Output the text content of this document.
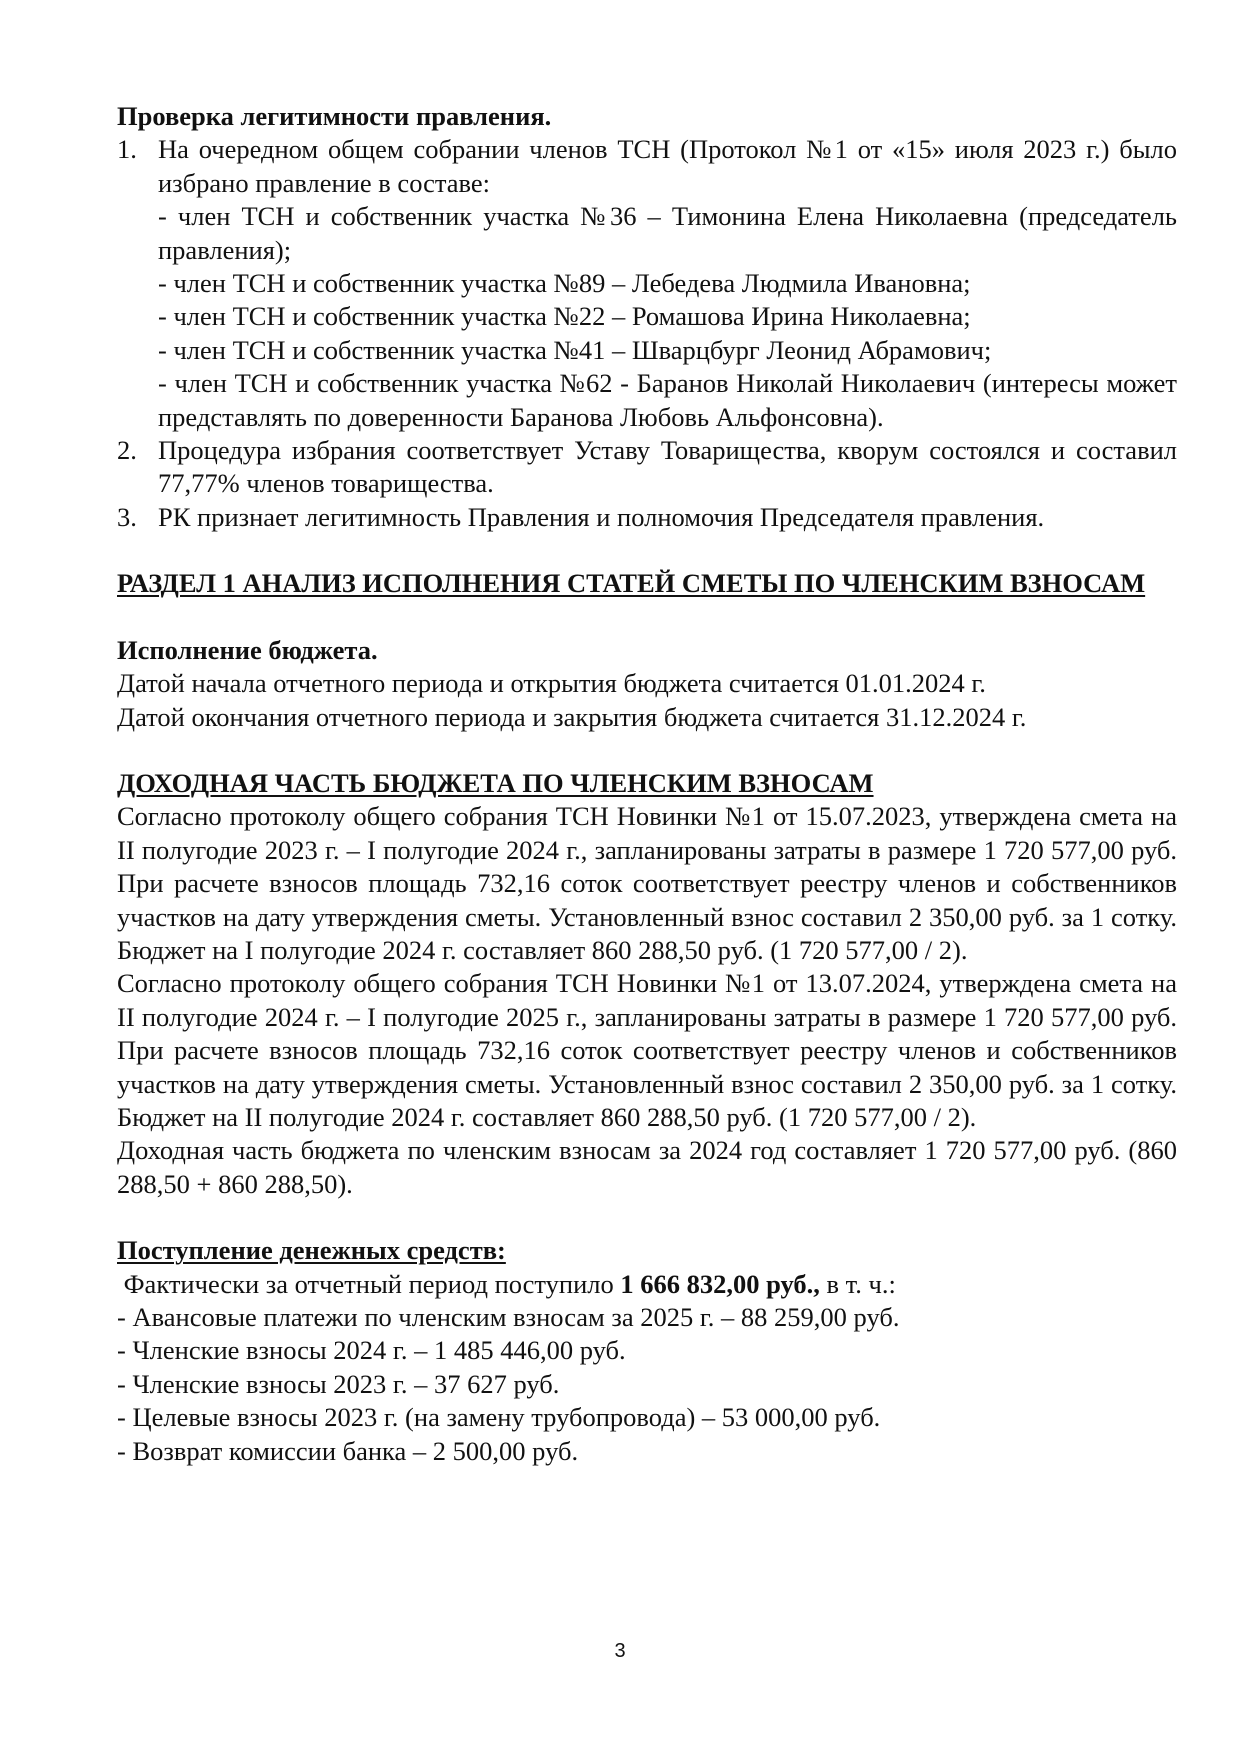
Проверка легитимности правления.

1. На очередном общем собрании членов ТСН (Протокол №1 от «15» июля 2023 г.) было избрано правление в составе:

- член ТСН и собственник участка №36 – Тимонина Елена Николаевна (председатель правления);

- член ТСН и собственник участка №89 – Лебедева Людмила Ивановна;

- член ТСН и собственник участка №22 – Ромашова Ирина Николаевна;

- член ТСН и собственник участка №41 – Шварцбург Леонид Абрамович;

- член ТСН и собственник участка №62 - Баранов Николай Николаевич (интересы может представлять по доверенности Баранова Любовь Альфонсовна).

2. Процедура избрания соответствует Уставу Товарищества, кворум состоялся и составил 77,77% членов товарищества.

3. РК признает легитимность Правления и полномочия Председателя правления.

РАЗДЕЛ 1 АНАЛИЗ ИСПОЛНЕНИЯ СТАТЕЙ СМЕТЫ ПО ЧЛЕНСКИМ ВЗНОСАМ

Исполнение бюджета.

Датой начала отчетного периода и открытия бюджета считается 01.01.2024 г.

Датой окончания отчетного периода и закрытия бюджета считается 31.12.2024 г.

ДОХОДНАЯ ЧАСТЬ БЮДЖЕТА ПО ЧЛЕНСКИМ ВЗНОСАМ

Согласно протоколу общего собрания ТСН Новинки №1 от 15.07.2023, утверждена смета на II полугодие 2023 г. – I полугодие 2024 г., запланированы затраты в размере 1 720 577,00 руб. При расчете взносов площадь 732,16 соток соответствует реестру членов и собственников участков на дату утверждения сметы. Установленный взнос составил 2 350,00 руб. за 1 сотку. Бюджет на I полугодие 2024 г. составляет 860 288,50 руб. (1 720 577,00 / 2).

Согласно протоколу общего собрания ТСН Новинки №1 от 13.07.2024, утверждена смета на II полугодие 2024 г. – I полугодие 2025 г., запланированы затраты в размере 1 720 577,00 руб. При расчете взносов площадь 732,16 соток соответствует реестру членов и собственников участков на дату утверждения сметы. Установленный взнос составил 2 350,00 руб. за 1 сотку. Бюджет на II полугодие 2024 г. составляет 860 288,50 руб. (1 720 577,00 / 2).

Доходная часть бюджета по членским взносам за 2024 год составляет 1 720 577,00 руб. (860 288,50 + 860 288,50).

Поступление денежных средств:

Фактически за отчетный период поступило 1 666 832,00 руб., в т. ч.:

- Авансовые платежи по членским взносам за 2025 г. – 88 259,00 руб.

- Членские взносы 2024 г. – 1 485 446,00 руб.

- Членские взносы 2023 г. – 37 627 руб.

- Целевые взносы 2023 г. (на замену трубопровода) – 53 000,00 руб.

- Возврат комиссии банка – 2 500,00 руб.

3
